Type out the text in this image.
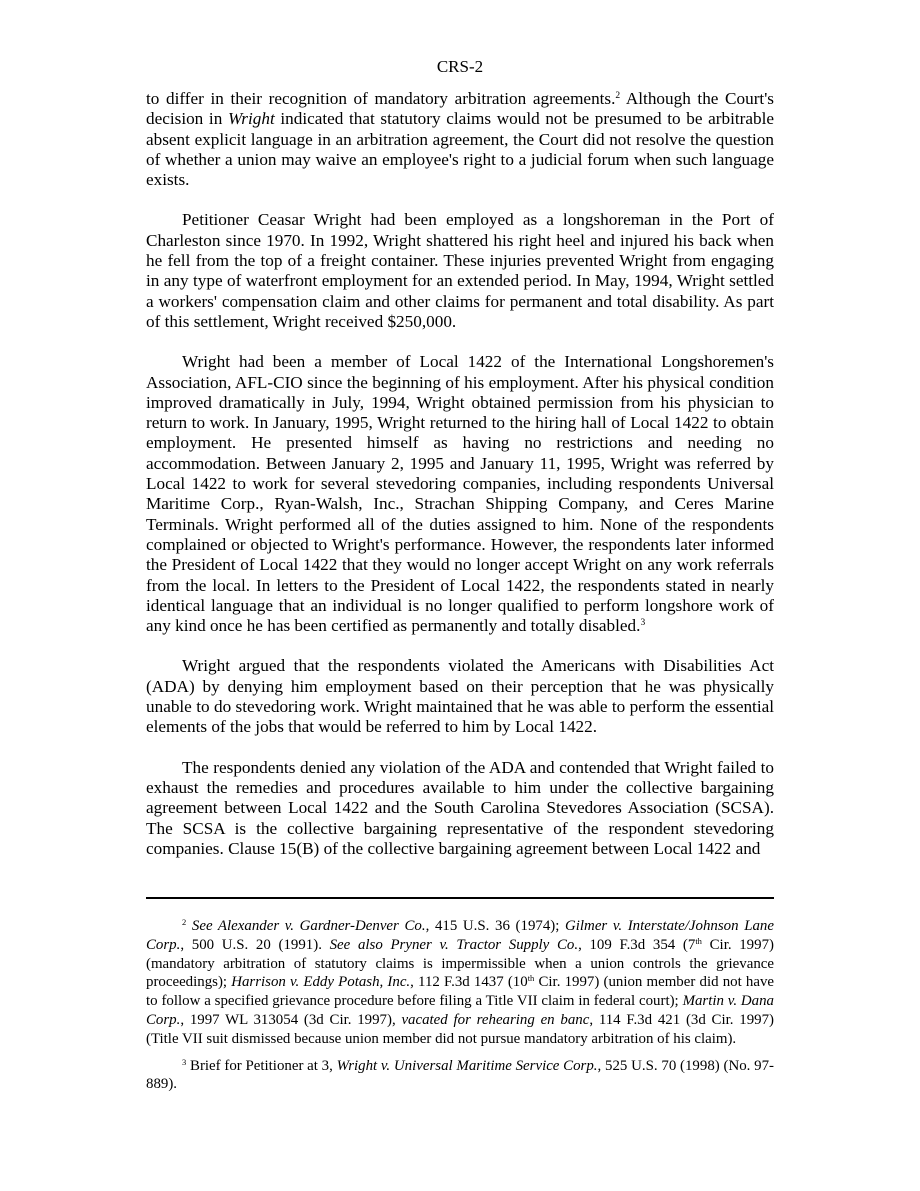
CRS-2

to differ in their recognition of mandatory arbitration agreements.$^2$ Although the Court's decision in Wright indicated that statutory claims would not be presumed to be arbitrable absent explicit language in an arbitration agreement, the Court did not resolve the question of whether a union may waive an employee's right to a judicial forum when such language exists.

Petitioner Ceasar Wright had been employed as a longshoreman in the Port of Charleston since 1970. In 1992, Wright shattered his right heel and injured his back when he fell from the top of a freight container. These injuries prevented Wright from engaging in any type of waterfront employment for an extended period. In May, 1994, Wright settled a workers' compensation claim and other claims for permanent and total disability. As part of this settlement, Wright received $250,000.

Wright had been a member of Local 1422 of the International Longshoremen's Association, AFL-CIO since the beginning of his employment. After his physical condition improved dramatically in July, 1994, Wright obtained permission from his physician to return to work. In January, 1995, Wright returned to the hiring hall of Local 1422 to obtain employment. He presented himself as having no restrictions and needing no accommodation. Between January 2, 1995 and January 11, 1995, Wright was referred by Local 1422 to work for several stevedoring companies, including respondents Universal Maritime Corp., Ryan-Walsh, Inc., Strachan Shipping Company, and Ceres Marine Terminals. Wright performed all of the duties assigned to him. None of the respondents complained or objected to Wright's performance. However, the respondents later informed the President of Local 1422 that they would no longer accept Wright on any work referrals from the local. In letters to the President of Local 1422, the respondents stated in nearly identical language that an individual is no longer qualified to perform longshore work of any kind once he has been certified as permanently and totally disabled.$^3$

Wright argued that the respondents violated the Americans with Disabilities Act (ADA) by denying him employment based on their perception that he was physically unable to do stevedoring work. Wright maintained that he was able to perform the essential elements of the jobs that would be referred to him by Local 1422.

The respondents denied any violation of the ADA and contended that Wright failed to exhaust the remedies and procedures available to him under the collective bargaining agreement between Local 1422 and the South Carolina Stevedores Association (SCSA). The SCSA is the collective bargaining representative of the respondent stevedoring companies. Clause 15(B) of the collective bargaining agreement between Local 1422 and

$^2$ See Alexander v. Gardner-Denver Co., 415 U.S. 36 (1974); Gilmer v. Interstate/Johnson Lane Corp., 500 U.S. 20 (1991). See also Pryner v. Tractor Supply Co., 109 F.3d 354 (7th Cir. 1997) (mandatory arbitration of statutory claims is impermissible when a union controls the grievance proceedings); Harrison v. Eddy Potash, Inc., 112 F.3d 1437 (10th Cir. 1997) (union member did not have to follow a specified grievance procedure before filing a Title VII claim in federal court); Martin v. Dana Corp., 1997 WL 313054 (3d Cir. 1997), vacated for rehearing en banc, 114 F.3d 421 (3d Cir. 1997) (Title VII suit dismissed because union member did not pursue mandatory arbitration of his claim).

$^3$ Brief for Petitioner at 3, Wright v. Universal Maritime Service Corp., 525 U.S. 70 (1998) (No. 97-889).
